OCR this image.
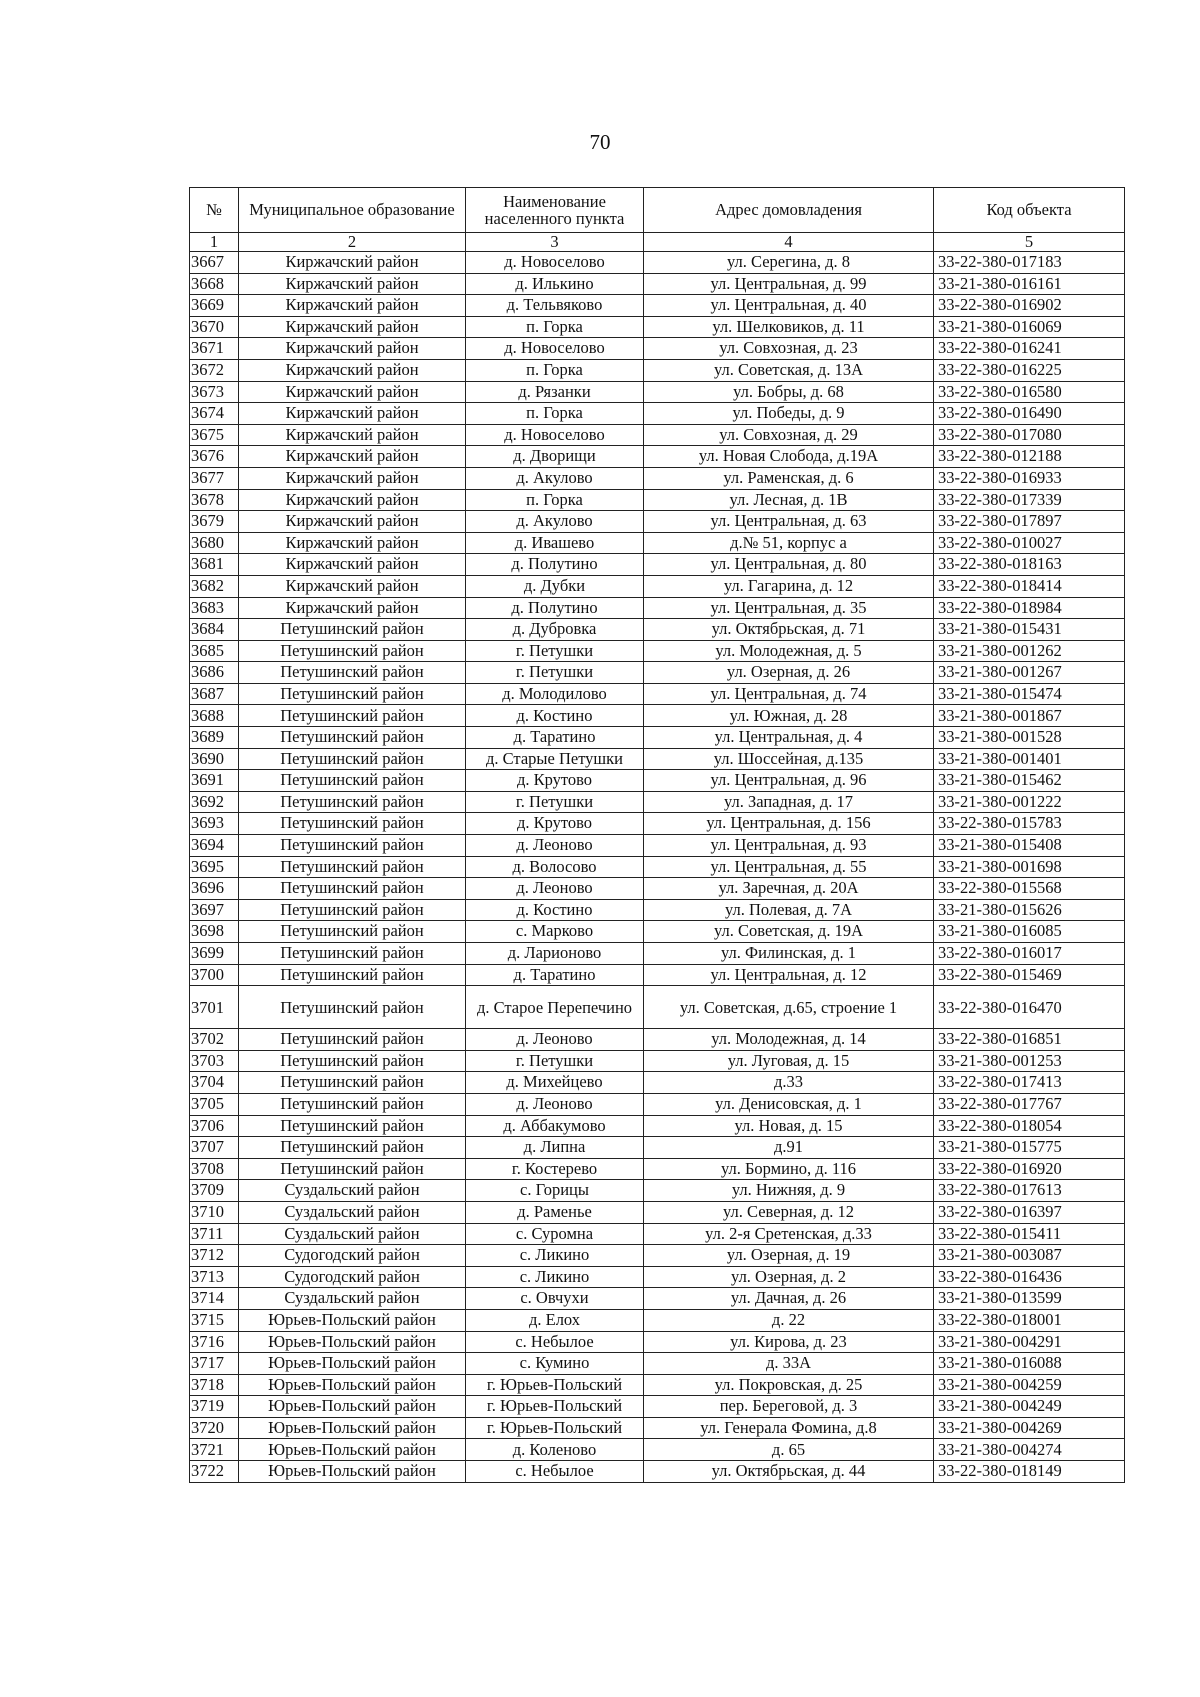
70
№	Муниципальное образование	Наименование населенного пункта	Адрес домовладения	Код объекта
1	2	3	4	5
3667	Киржачский район	д. Новоселово	ул. Серегина, д. 8	33-22-380-017183
3668	Киржачский район	д. Илькино	ул. Центральная, д. 99	33-21-380-016161
3669	Киржачский район	д. Тельвяково	ул. Центральная, д. 40	33-22-380-016902
3670	Киржачский район	п. Горка	ул. Шелковиков, д. 11	33-21-380-016069
3671	Киржачский район	д. Новоселово	ул. Совхозная, д. 23	33-22-380-016241
3672	Киржачский район	п. Горка	ул. Советская, д. 13А	33-22-380-016225
3673	Киржачский район	д. Рязанки	ул. Бобры, д. 68	33-22-380-016580
3674	Киржачский район	п. Горка	ул. Победы, д. 9	33-22-380-016490
3675	Киржачский район	д. Новоселово	ул. Совхозная, д. 29	33-22-380-017080
3676	Киржачский район	д. Дворищи	ул. Новая Слобода, д.19А	33-22-380-012188
3677	Киржачский район	д. Акулово	ул. Раменская, д. 6	33-22-380-016933
3678	Киржачский район	п. Горка	ул. Лесная, д. 1В	33-22-380-017339
3679	Киржачский район	д. Акулово	ул. Центральная, д. 63	33-22-380-017897
3680	Киржачский район	д. Ивашево	д.№ 51, корпус а	33-22-380-010027
3681	Киржачский район	д. Полутино	ул. Центральная, д. 80	33-22-380-018163
3682	Киржачский район	д. Дубки	ул. Гагарина, д. 12	33-22-380-018414
3683	Киржачский район	д. Полутино	ул. Центральная, д. 35	33-22-380-018984
3684	Петушинский район	д. Дубровка	ул. Октябрьская, д. 71	33-21-380-015431
3685	Петушинский район	г. Петушки	ул. Молодежная, д. 5	33-21-380-001262
3686	Петушинский район	г. Петушки	ул. Озерная, д. 26	33-21-380-001267
3687	Петушинский район	д. Молодилово	ул. Центральная, д. 74	33-21-380-015474
3688	Петушинский район	д. Костино	ул. Южная, д. 28	33-21-380-001867
3689	Петушинский район	д. Таратино	ул. Центральная, д. 4	33-21-380-001528
3690	Петушинский район	д. Старые Петушки	ул. Шоссейная, д.135	33-21-380-001401
3691	Петушинский район	д. Крутово	ул. Центральная, д. 96	33-21-380-015462
3692	Петушинский район	г. Петушки	ул. Западная, д. 17	33-21-380-001222
3693	Петушинский район	д. Крутово	ул. Центральная, д. 156	33-22-380-015783
3694	Петушинский район	д. Леоново	ул. Центральная, д. 93	33-21-380-015408
3695	Петушинский район	д. Волосово	ул. Центральная, д. 55	33-21-380-001698
3696	Петушинский район	д. Леоново	ул. Заречная, д. 20А	33-22-380-015568
3697	Петушинский район	д. Костино	ул. Полевая, д. 7А	33-21-380-015626
3698	Петушинский район	с. Марково	ул. Советская, д. 19А	33-21-380-016085
3699	Петушинский район	д. Ларионово	ул. Филинская, д. 1	33-22-380-016017
3700	Петушинский район	д. Таратино	ул. Центральная, д. 12	33-22-380-015469
3701	Петушинский район	д. Старое Перепечино	ул. Советская, д.65, строение 1	33-22-380-016470
3702	Петушинский район	д. Леоново	ул. Молодежная, д. 14	33-22-380-016851
3703	Петушинский район	г. Петушки	ул. Луговая, д. 15	33-21-380-001253
3704	Петушинский район	д. Михейцево	д.33	33-22-380-017413
3705	Петушинский район	д. Леоново	ул. Денисовская, д. 1	33-22-380-017767
3706	Петушинский район	д. Аббакумово	ул. Новая, д. 15	33-22-380-018054
3707	Петушинский район	д. Липна	д.91	33-21-380-015775
3708	Петушинский район	г. Костерево	ул. Бормино, д. 116	33-22-380-016920
3709	Суздальский район	с. Горицы	ул. Нижняя, д. 9	33-22-380-017613
3710	Суздальский район	д. Раменье	ул. Северная, д. 12	33-22-380-016397
3711	Суздальский район	с. Суромна	ул. 2-я Сретенская, д.33	33-22-380-015411
3712	Судогодский район	с. Ликино	ул. Озерная, д. 19	33-21-380-003087
3713	Судогодский район	с. Ликино	ул. Озерная, д. 2	33-22-380-016436
3714	Суздальский район	с. Овчухи	ул. Дачная, д. 26	33-21-380-013599
3715	Юрьев-Польский район	д. Елох	д. 22	33-22-380-018001
3716	Юрьев-Польский район	с. Небылое	ул. Кирова, д. 23	33-21-380-004291
3717	Юрьев-Польский район	с. Кумино	д. 33А	33-21-380-016088
3718	Юрьев-Польский район	г. Юрьев-Польский	ул. Покровская, д. 25	33-21-380-004259
3719	Юрьев-Польский район	г. Юрьев-Польский	пер. Береговой, д. 3	33-21-380-004249
3720	Юрьев-Польский район	г. Юрьев-Польский	ул. Генерала Фомина, д.8	33-21-380-004269
3721	Юрьев-Польский район	д. Коленово	д. 65	33-21-380-004274
3722	Юрьев-Польский район	с. Небылое	ул. Октябрьская, д. 44	33-22-380-018149
